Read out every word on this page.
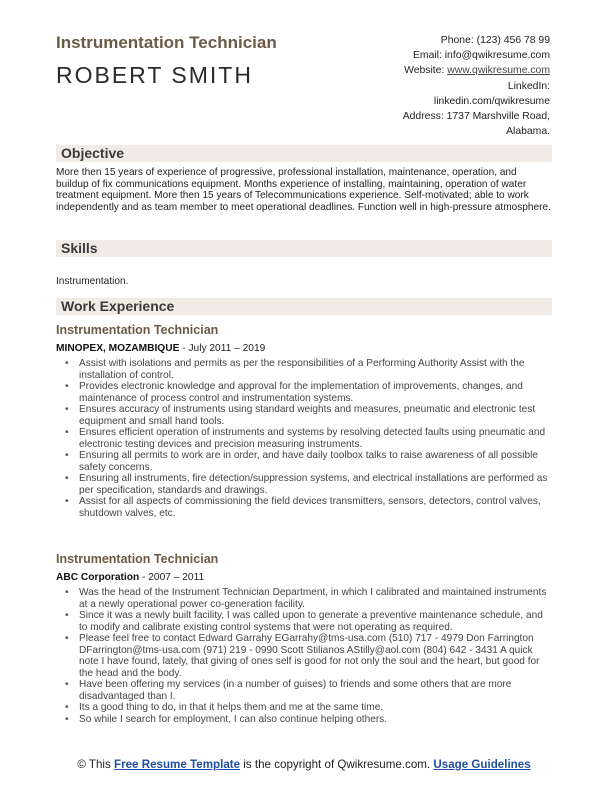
Instrumentation Technician
ROBERT SMITH
Phone: (123) 456 78 99
Email: info@qwikresume.com
Website: www.qwikresume.com
LinkedIn:
linkedin.com/qwikresume
Address: 1737 Marshville Road,
Alabama.
Objective
More then 15 years of experience of progressive, professional installation, maintenance, operation, and buildup of fix communications equipment. Months experience of installing, maintaining, operation of water treatment equipment. More then 15 years of Telecommunications experience. Self-motivated; able to work independently and as team member to meet operational deadlines. Function well in high-pressure atmosphere.
Skills
Instrumentation.
Work Experience
Instrumentation Technician
MINOPEX, MOZAMBIQUE - July 2011 – 2019
• Assist with isolations and permits as per the responsibilities of a Performing Authority Assist with the installation of control.
• Provides electronic knowledge and approval for the implementation of improvements, changes, and maintenance of process control and instrumentation systems.
• Ensures accuracy of instruments using standard weights and measures, pneumatic and electronic test equipment and small hand tools.
• Ensures efficient operation of instruments and systems by resolving detected faults using pneumatic and electronic testing devices and precision measuring instruments.
• Ensuring all permits to work are in order, and have daily toolbox talks to raise awareness of all possible safety concerns.
• Ensuring all instruments, fire detection/suppression systems, and electrical installations are performed as per specification, standards and drawings.
• Assist for all aspects of commissioning the field devices transmitters, sensors, detectors, control valves, shutdown valves, etc.
Instrumentation Technician
ABC Corporation - 2007 – 2011
• Was the head of the Instrument Technician Department, in which I calibrated and maintained instruments at a newly operational power co-generation facility.
• Since it was a newly built facility, I was called upon to generate a preventive maintenance schedule, and to modify and calibrate existing control systems that were not operating as required.
• Please feel free to contact Edward Garrahy EGarrahy@tms-usa.com (510) 717 - 4979 Don Farrington DFarrington@tms-usa.com (971) 219 - 0990 Scott Stilianos AStilly@aol.com (804) 642 - 3431 A quick note I have found, lately, that giving of ones self is good for not only the soul and the heart, but good for the head and the body.
• Have been offering my services (in a number of guises) to friends and some others that are more disadvantaged than I.
• Its a good thing to do, in that it helps them and me at the same time.
• So while I search for employment, I can also continue helping others.
© This Free Resume Template is the copyright of Qwikresume.com. Usage Guidelines
